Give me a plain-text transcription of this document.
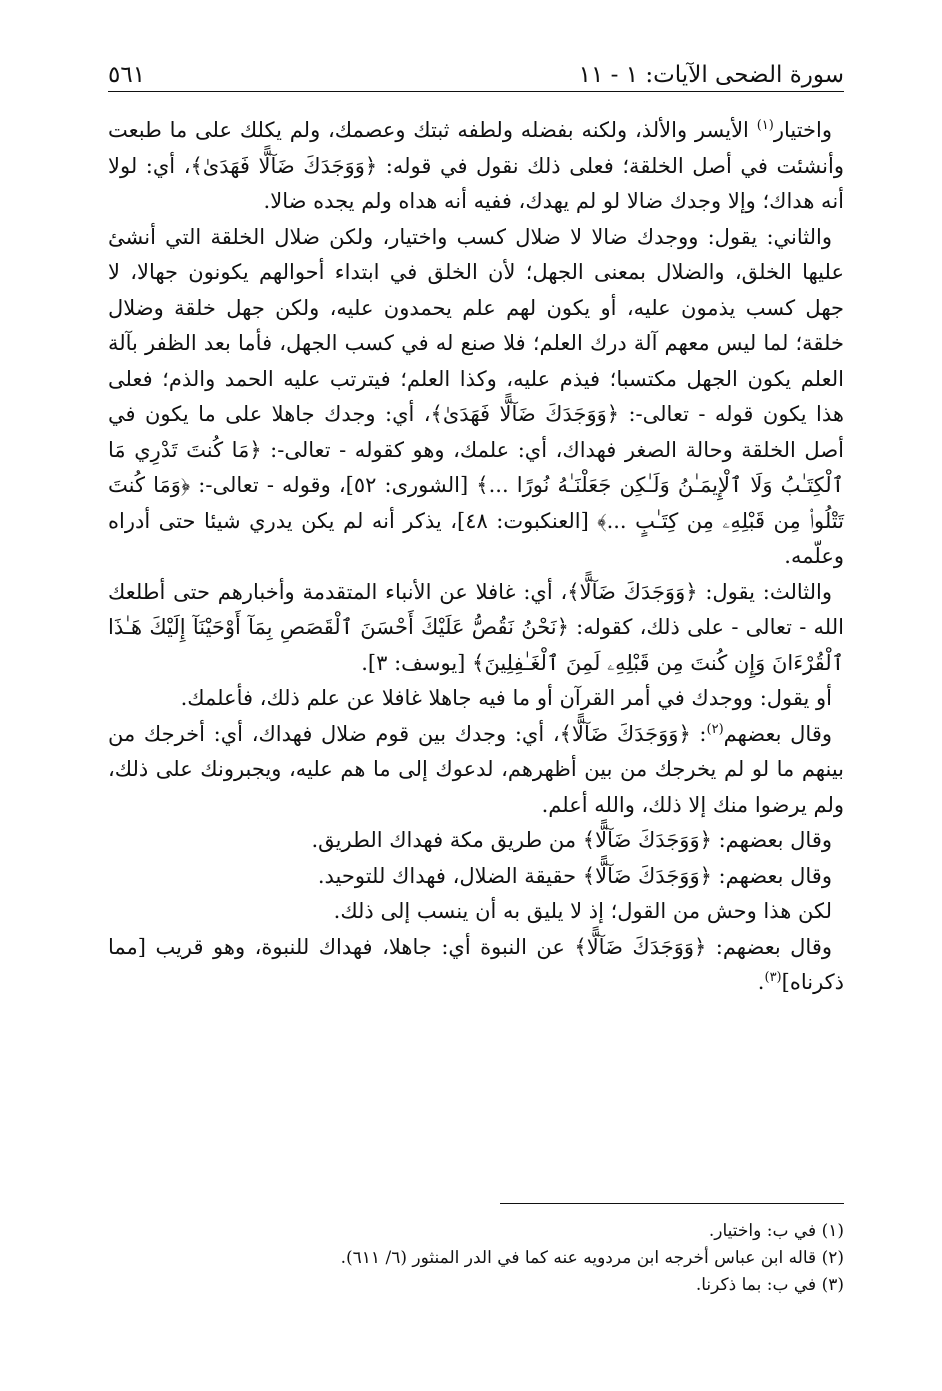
سورة الضحى الآيات: ١ - ١١
٥٦١

واختيار$^{(١)}$ الأيسر والألذ، ولكنه بفضله ولطفه ثبتك وعصمك، ولم يكلك على ما طبعت وأنشئت في أصل الخلقة؛ فعلى ذلك نقول في قوله: ﴿وَوَجَدَكَ ضَآلًّا فَهَدَىٰ﴾، أي: لولا أنه هداك؛ وإلا وجدك ضالا لو لم يهدك، ففيه أنه هداه ولم يجده ضالا.

والثاني: يقول: ووجدك ضالا لا ضلال كسب واختيار، ولكن ضلال الخلقة التي أنشئ عليها الخلق، والضلال بمعنى الجهل؛ لأن الخلق في ابتداء أحوالهم يكونون جهالا، لا جهل كسب يذمون عليه، أو يكون لهم علم يحمدون عليه، ولكن جهل خلقة وضلال خلقة؛ لما ليس معهم آلة درك العلم؛ فلا صنع له في كسب الجهل، فأما بعد الظفر بآلة العلم يكون الجهل مكتسبا؛ فيذم عليه، وكذا العلم؛ فيترتب عليه الحمد والذم؛ فعلى هذا يكون قوله - تعالى-: ﴿وَوَجَدَكَ ضَآلًّا فَهَدَىٰ﴾، أي: وجدك جاهلا على ما يكون في أصل الخلقة وحالة الصغر فهداك، أي: علمك، وهو كقوله - تعالى-: ﴿مَا كُنتَ تَدْرِي مَا ٱلْكِتَـٰبُ وَلَا ٱلْإِيمَـٰنُ وَلَـٰكِن جَعَلْنَـٰهُ نُورًا ...﴾ [الشورى: ٥٢]، وقوله - تعالى-: ﴿وَمَا كُنتَ تَتْلُوا۟ مِن قَبْلِهِۦ مِن كِتَـٰبٍ ...﴾ [العنكبوت: ٤٨]، يذكر أنه لم يكن يدري شيئا حتى أدراه وعلّمه.

والثالث: يقول: ﴿وَوَجَدَكَ ضَآلًّا﴾، أي: غافلا عن الأنباء المتقدمة وأخبارهم حتى أطلعك الله - تعالى - على ذلك، كقوله: ﴿نَحْنُ نَقُصُّ عَلَيْكَ أَحْسَنَ ٱلْقَصَصِ بِمَآ أَوْحَيْنَآ إِلَيْكَ هَـٰذَا ٱلْقُرْءَانَ وَإِن كُنتَ مِن قَبْلِهِۦ لَمِنَ ٱلْغَـٰفِلِينَ﴾ [يوسف: ٣].

أو يقول: ووجدك في أمر القرآن أو ما فيه جاهلا غافلا عن علم ذلك، فأعلمك.

وقال بعضهم$^{(٢)}$: ﴿وَوَجَدَكَ ضَآلًّا﴾، أي: وجدك بين قوم ضلال فهداك، أي: أخرجك من بينهم ما لو لم يخرجك من بين أظهرهم، لدعوك إلى ما هم عليه، ويجبرونك على ذلك، ولم يرضوا منك إلا ذلك، والله أعلم.

وقال بعضهم: ﴿وَوَجَدَكَ ضَآلًّا﴾ من طريق مكة فهداك الطريق.

وقال بعضهم: ﴿وَوَجَدَكَ ضَآلًّا﴾ حقيقة الضلال، فهداك للتوحيد.

لكن هذا وحش من القول؛ إذ لا يليق به أن ينسب إلى ذلك.

وقال بعضهم: ﴿وَوَجَدَكَ ضَآلًّا﴾ عن النبوة أي: جاهلا، فهداك للنبوة، وهو قريب [مما ذكرناه]$^{(٣)}$.

(١) في ب: واختيار.

(٢) قاله ابن عباس أخرجه ابن مردويه عنه كما في الدر المنثور (٦/ ٦١١).

(٣) في ب: بما ذكرنا.
